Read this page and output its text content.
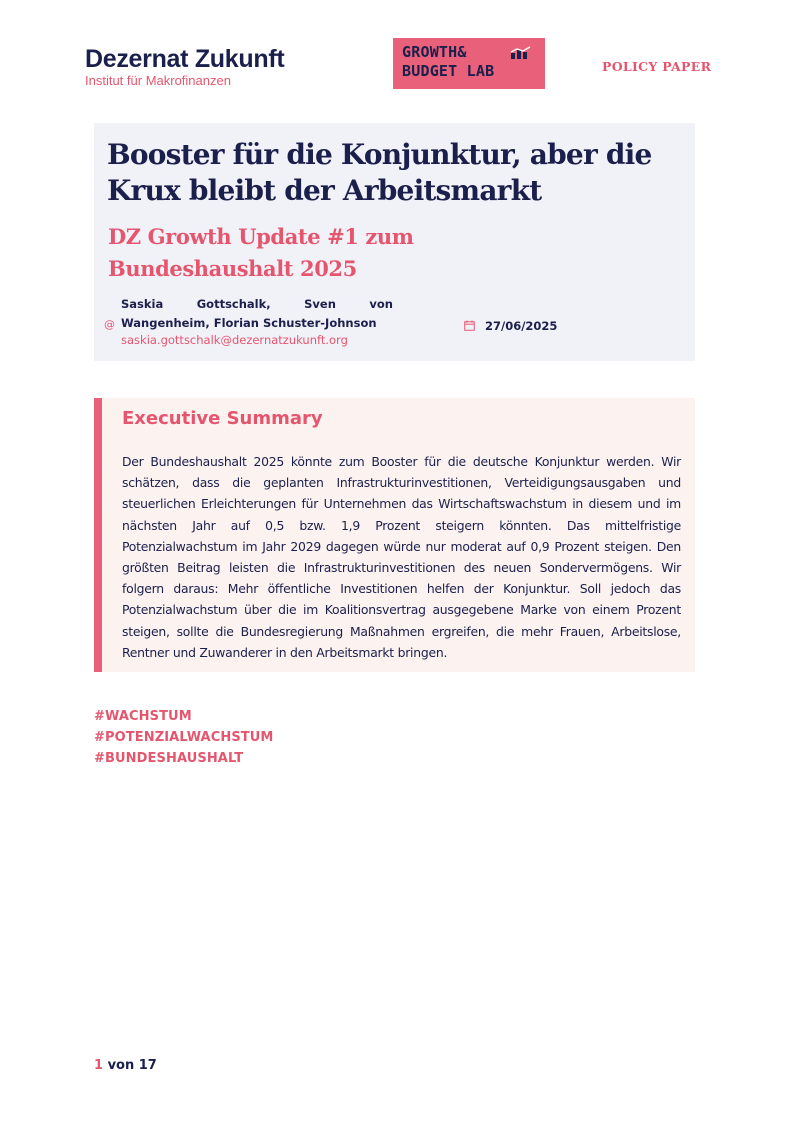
Dezernat Zukunft
Institut für Makrofinanzen
GROWTH&
BUDGET LAB	POLICY PAPER
Booster für die Konjunktur, aber die Krux bleibt der Arbeitsmarkt
DZ Growth Update #1 zum Bundeshaushalt 2025
@
Saskia Gottschalk, Sven von Wangenheim, Florian Schuster-Johnson
saskia.gottschalk@dezernatzukunft.org
27/06/2025
Executive Summary

Der Bundeshaushalt 2025 könnte zum Booster für die deutsche Konjunktur werden. Wir schätzen, dass die geplanten Infrastrukturinvestitionen, Verteidigungsausgaben und steuerlichen Erleichterungen für Unternehmen das Wirtschaftswachstum in diesem und im nächsten Jahr auf 0,5 bzw. 1,9 Prozent steigern könnten. Das mittelfristige Potenzialwachstum im Jahr 2029 dagegen würde nur moderat auf 0,9 Prozent steigen. Den größten Beitrag leisten die Infrastrukturinvestitionen des neuen Sondervermögens. Wir folgern daraus: Mehr öffentliche Investitionen helfen der Konjunktur. Soll jedoch das Potenzialwachstum über die im Koalitionsvertrag ausgegebene Marke von einem Prozent steigen, sollte die Bundesregierung Maßnahmen ergreifen, die mehr Frauen, Arbeitslose, Rentner und Zuwanderer in den Arbeitsmarkt bringen.

#WACHSTUM
#POTENZIALWACHSTUM
#BUNDESHAUSHALT
1 von 17
